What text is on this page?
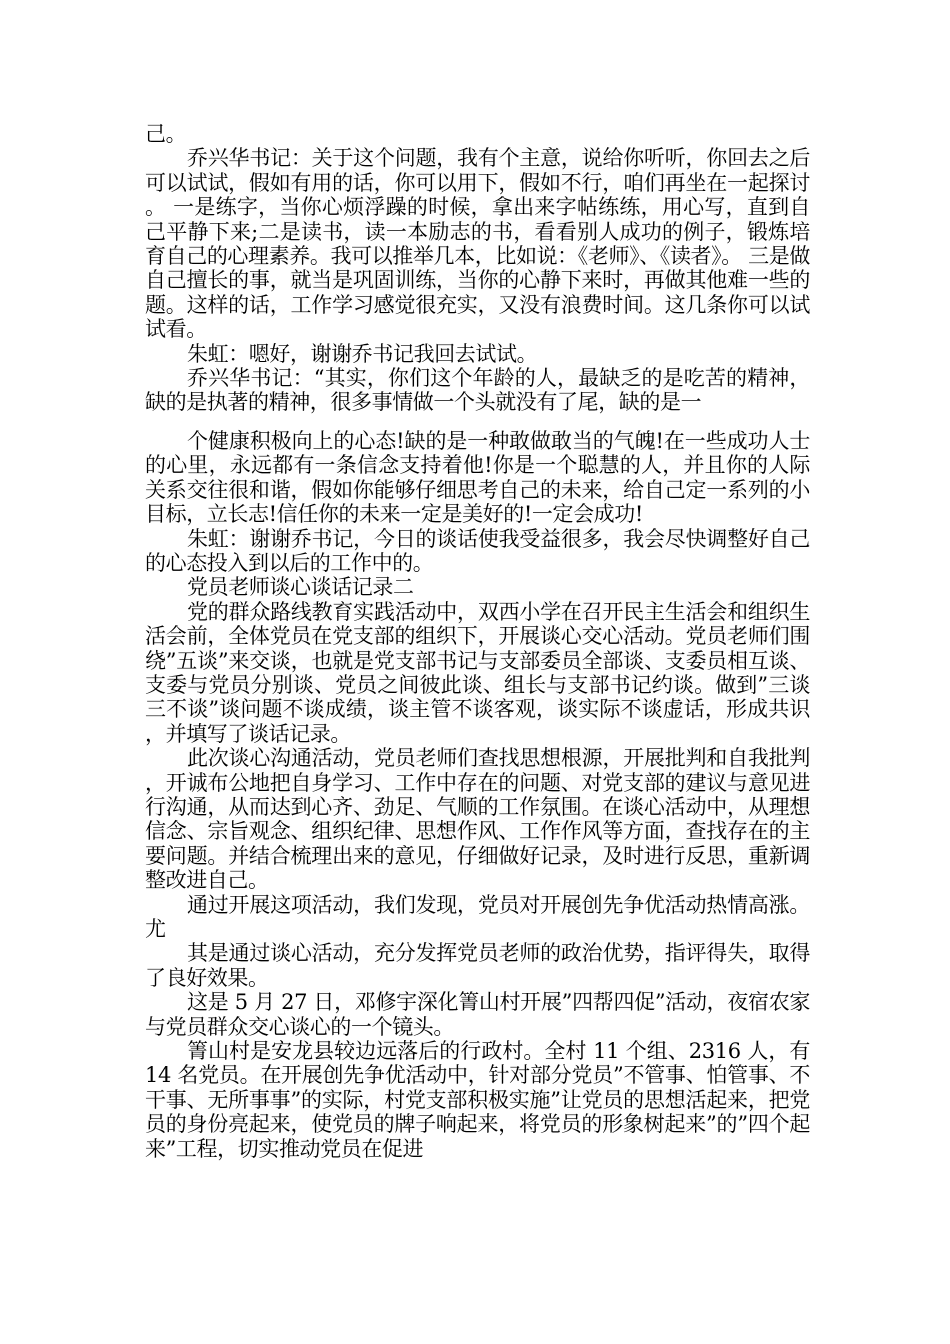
己。

乔兴华书记：关于这个问题，我有个主意，说给你听听，你回去之后可以试试，假如有用的话，你可以用下，假如不行，咱们再坐在一起探讨。 一是练字，当你心烦浮躁的时候，拿出来字帖练练，用心写，直到自己平静下来;二是读书，读一本励志的书，看看别人成功的例子，锻炼培育自己的心理素养。我可以推举几本，比如说：《老师》、《读者》。 三是做自己擅长的事，就当是巩固训练，当你的心静下来时，再做其他难一些的题。这样的话，工作学习感觉很充实，又没有浪费时间。这几条你可以试试看。

朱虹：嗯好，谢谢乔书记我回去试试。

乔兴华书记：“其实，你们这个年龄的人，最缺乏的是吃苦的精神，缺的是执著的精神，很多事情做一个头就没有了尾，缺的是一

个健康积极向上的心态!缺的是一种敢做敢当的气魄!在一些成功人士的心里，永远都有一条信念支持着他!你是一个聪慧的人，并且你的人际关系交往很和谐，假如你能够仔细思考自己的未来，给自己定一系列的小目标，立长志!信任你的未来一定是美好的!一定会成功!

朱虹：谢谢乔书记，今日的谈话使我受益很多，我会尽快调整好自己的心态投入到以后的工作中的。

党员老师谈心谈话记录二

党的群众路线教育实践活动中，双西小学在召开民主生活会和组织生活会前，全体党员在党支部的组织下，开展谈心交心活动。党员老师们围绕”五谈”来交谈，也就是党支部书记与支部委员全部谈、支委员相互谈、支委与党员分别谈、党员之间彼此谈、组长与支部书记约谈。做到”三谈三不谈”谈问题不谈成绩，谈主管不谈客观，谈实际不谈虚话，形成共识，并填写了谈话记录。

此次谈心沟通活动，党员老师们查找思想根源，开展批判和自我批判，开诚布公地把自身学习、工作中存在的问题、对党支部的建议与意见进行沟通，从而达到心齐、劲足、气顺的工作氛围。在谈心活动中，从理想信念、宗旨观念、组织纪律、思想作风、工作作风等方面，查找存在的主要问题。并结合梳理出来的意见，仔细做好记录，及时进行反思，重新调整改进自己。

通过开展这项活动，我们发现，党员对开展创先争优活动热情高涨。尤

其是通过谈心活动，充分发挥党员老师的政治优势，指评得失，取得了良好效果。

这是 5 月 27 日，邓修宇深化箐山村开展”四帮四促”活动，夜宿农家与党员群众交心谈心的一个镜头。

箐山村是安龙县较边远落后的行政村。全村 11 个组、2316 人，有 14 名党员。在开展创先争优活动中，针对部分党员”不管事、怕管事、不干事、无所事事”的实际，村党支部积极实施”让党员的思想活起来，把党员的身份亮起来，使党员的牌子响起来，将党员的形象树起来”的”四个起来”工程，切实推动党员在促进
